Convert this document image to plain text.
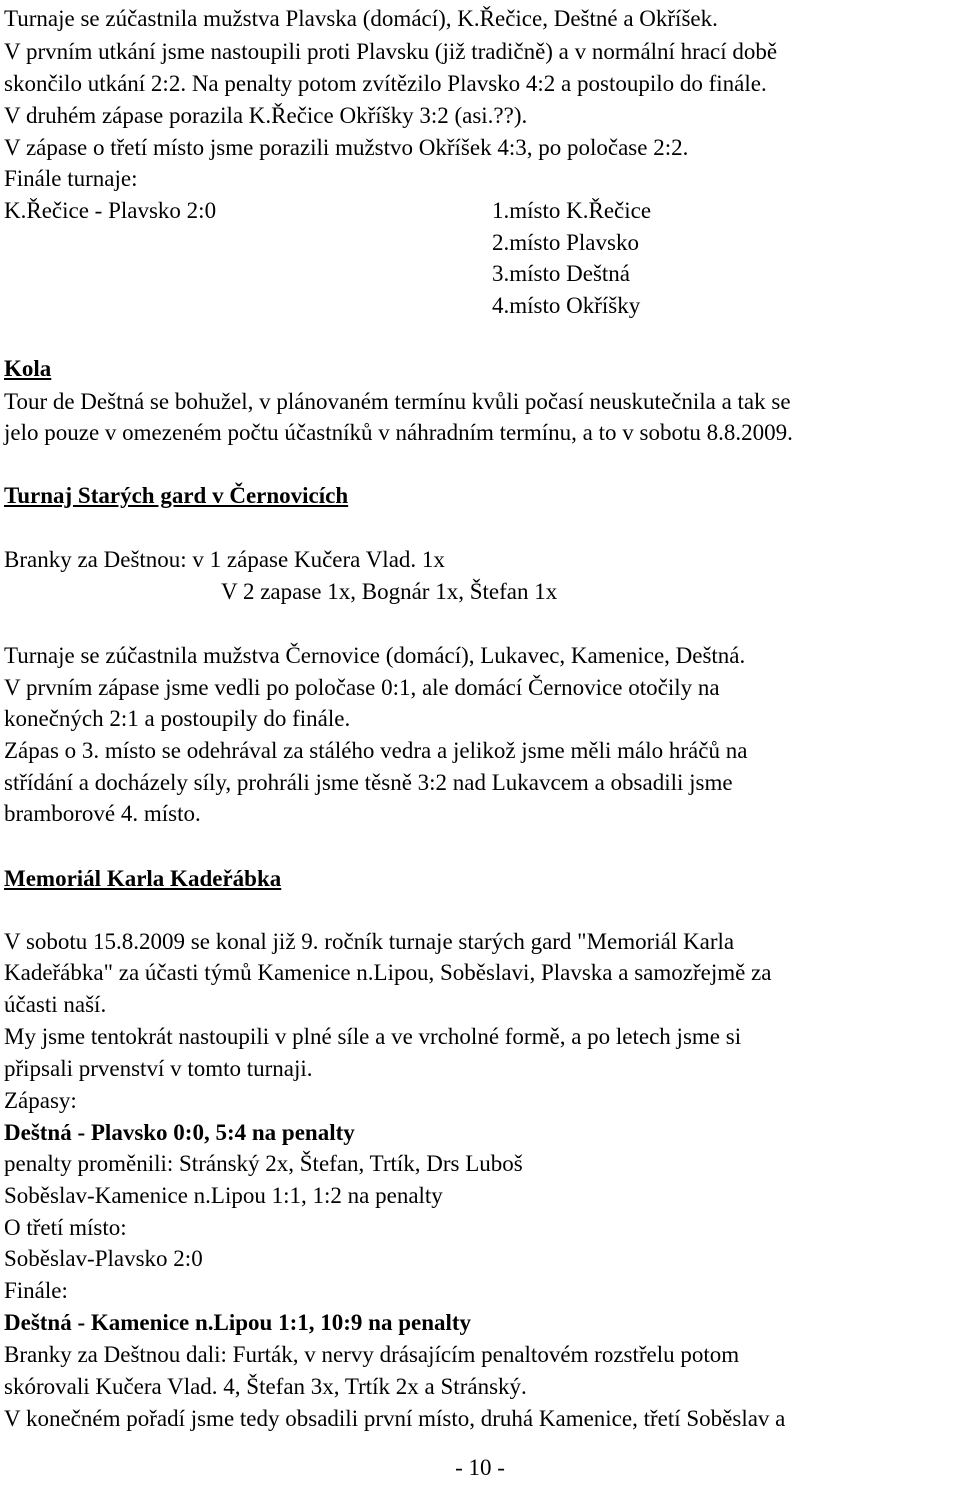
Turnaje se zúčastnila mužstva Plavska (domácí), K.Řečice, Deštné a Okříšek.
V prvním utkání jsme nastoupili proti Plavsku (již tradičně) a v normální hrací době
skončilo utkání 2:2. Na penalty potom zvítězilo Plavsko 4:2 a postoupilo do finále.
V druhém zápase porazila K.Řečice Okříšky 3:2 (asi.??).
V zápase o třetí místo jsme porazili mužstvo Okříšek 4:3, po poločase 2:2.
Finále turnaje:
K.Řečice - Plavsko 2:0	1.místo K.Řečice
2.místo Plavsko
3.místo Deštná
4.místo Okříšky
Kola
Tour de Deštná se bohužel, v plánovaném termínu kvůli počasí neuskutečnila a tak se
jelo pouze v omezeném počtu účastníků v náhradním termínu, a to v sobotu 8.8.2009.
Turnaj Starých gard v Černovicích
Branky za Deštnou: v 1 zápase Kučera Vlad. 1x
V 2 zapase 1x, Bognár 1x, Štefan 1x
Turnaje se zúčastnila mužstva Černovice (domácí), Lukavec, Kamenice, Deštná.
V prvním zápase jsme vedli po poločase 0:1, ale domácí Černovice otočily na
konečných 2:1 a postoupily do finále.
Zápas o 3. místo se odehrával za stálého vedra a jelikož jsme měli málo hráčů na
střídání a docházely síly, prohráli jsme těsně 3:2 nad Lukavcem a obsadili jsme
bramborové 4. místo.
Memoriál Karla Kadeřábka
V sobotu 15.8.2009 se konal již 9. ročník turnaje starých gard "Memoriál Karla
Kadeřábka" za účasti týmů Kamenice n.Lipou, Soběslavi, Plavska a samozřejmě za
účasti naší.
My jsme tentokrát nastoupili v plné síle a ve vrcholné formě, a po letech jsme si
připsali prvenství v tomto turnaji.
Zápasy:
Deštná - Plavsko 0:0, 5:4 na penalty
penalty proměnili: Stránský 2x, Štefan, Trtík, Drs Luboš
Soběslav-Kamenice n.Lipou 1:1, 1:2 na penalty
O třetí místo:
Soběslav-Plavsko 2:0
Finále:
Deštná - Kamenice n.Lipou 1:1, 10:9 na penalty
Branky za Deštnou dali: Furták, v nervy drásajícím penaltovém rozstřelu potom
skórovali Kučera Vlad. 4, Štefan 3x, Trtík 2x a Stránský.
V konečném pořadí jsme tedy obsadili první místo, druhá Kamenice, třetí Soběslav a
- 10 -
